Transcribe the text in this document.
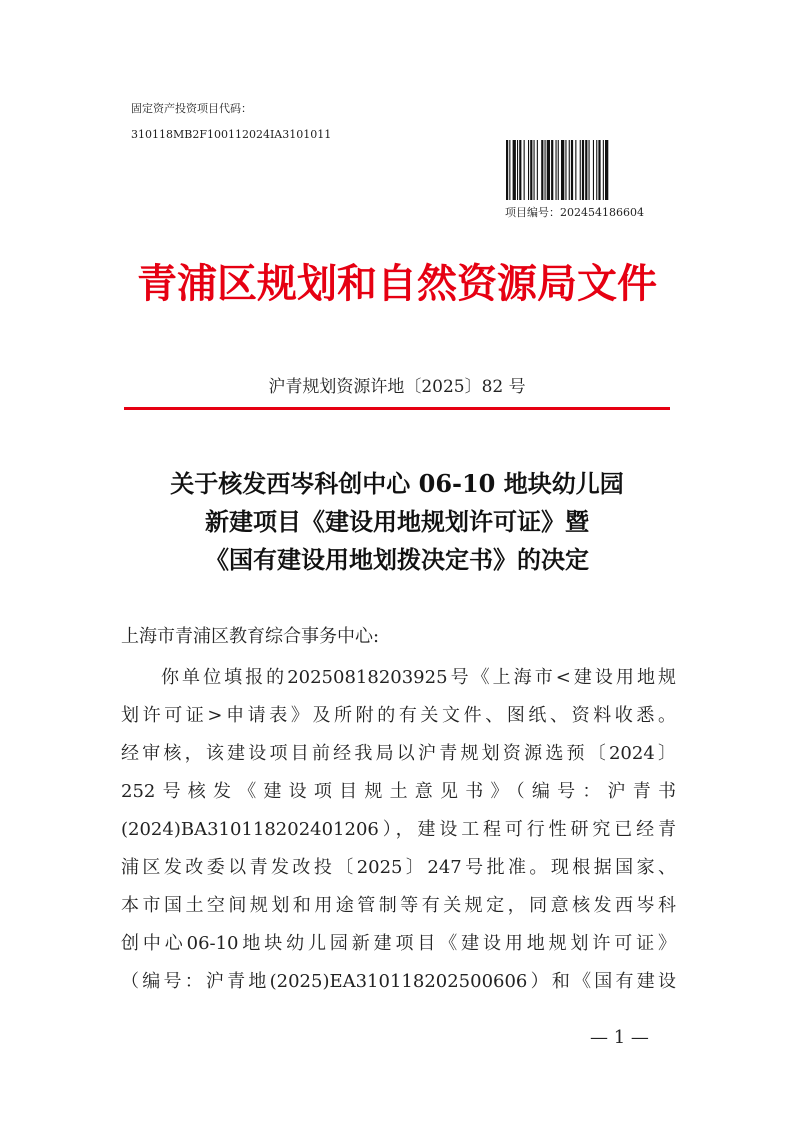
固定资产投资项目代码：
310118MB2F100112024IA3101011
项目编号：202454186604
青浦区规划和自然资源局文件
沪青规划资源许地〔2025〕82 号
关于核发西岑科创中心 06-10 地块幼儿园
新建项目《建设用地规划许可证》暨
《国有建设用地划拨决定书》的决定
上海市青浦区教育综合事务中心:
你单位填报的20250818203925号《上海市<建设用地规
划许可证>申请表》及所附的有关文件、图纸、资料收悉。
经审核，该建设项目前经我局以沪青规划资源选预〔2024〕
252号核发《建设项目规土意见书》（编号：沪青书
(2024)BA310118202401206），建设工程可行性研究已经青
浦区发改委以青发改投〔2025〕247号批准。现根据国家、
本市国土空间规划和用途管制等有关规定，同意核发西岑科
创中心06-10地块幼儿园新建项目《建设用地规划许可证》
（编号：沪青地(2025)EA310118202500606）和《国有建设
— 1 —
